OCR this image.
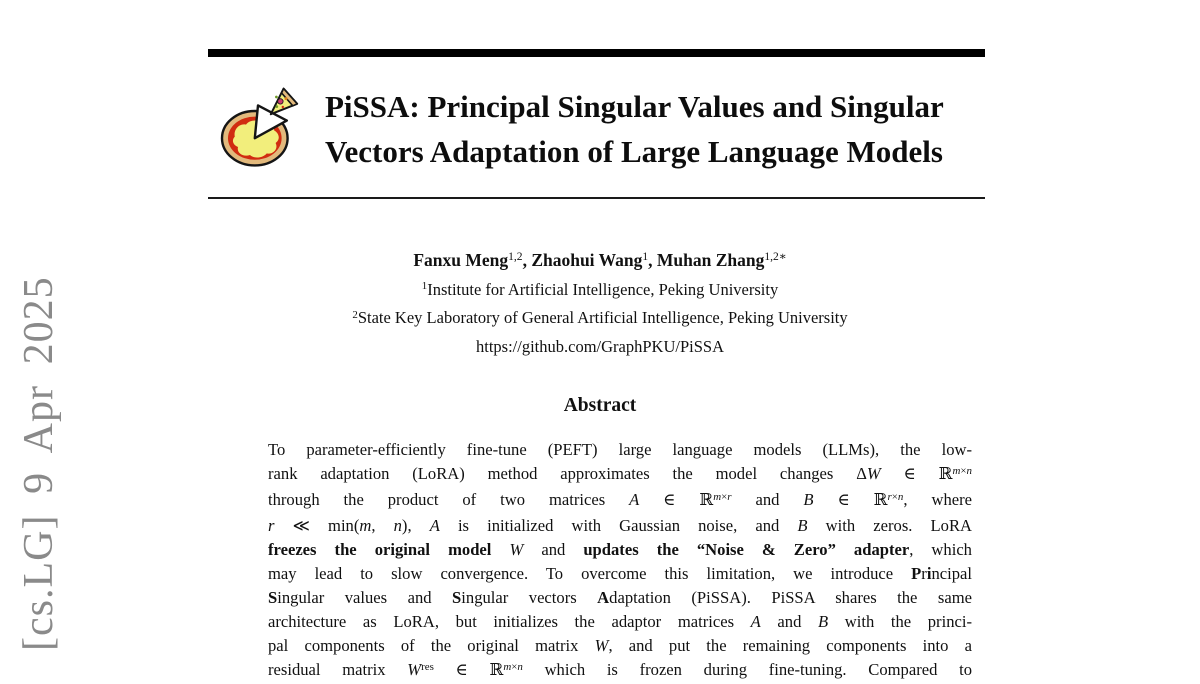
[cs.LG] 9 Apr 2025
PiSSA: Principal Singular Values and Singular
Vectors Adaptation of Large Language Models
Fanxu Meng$^{1,2}$, Zhaohui Wang$^1$, Muhan Zhang$^{1,2∗}$
$^1$Institute for Artificial Intelligence, Peking University
$^2$State Key Laboratory of General Artificial Intelligence, Peking University
https://github.com/GraphPKU/PiSSA
Abstract
To parameter-efficiently fine-tune (PEFT) large language models (LLMs), the low-
rank adaptation (LoRA) method approximates the model changes ΔW ∈ ℝ$^{m\times n}$
through the product of two matrices A ∈ ℝ$^{m\times r}$ and B ∈ ℝ$^{r\times n}$, where
r ≪ min(m, n), A is initialized with Gaussian noise, and B with zeros. LoRA
freezes the original model W and updates the “Noise & Zero” adapter, which
may lead to slow convergence. To overcome this limitation, we introduce Principal
Singular values and Singular vectors Adaptation (PiSSA). PiSSA shares the same
architecture as LoRA, but initializes the adaptor matrices A and B with the princi-
pal components of the original matrix W, and put the remaining components into a
residual matrix $W^{res}$ ∈ ℝ$^{m\times n}$ which is frozen during fine-tuning. Compared to
